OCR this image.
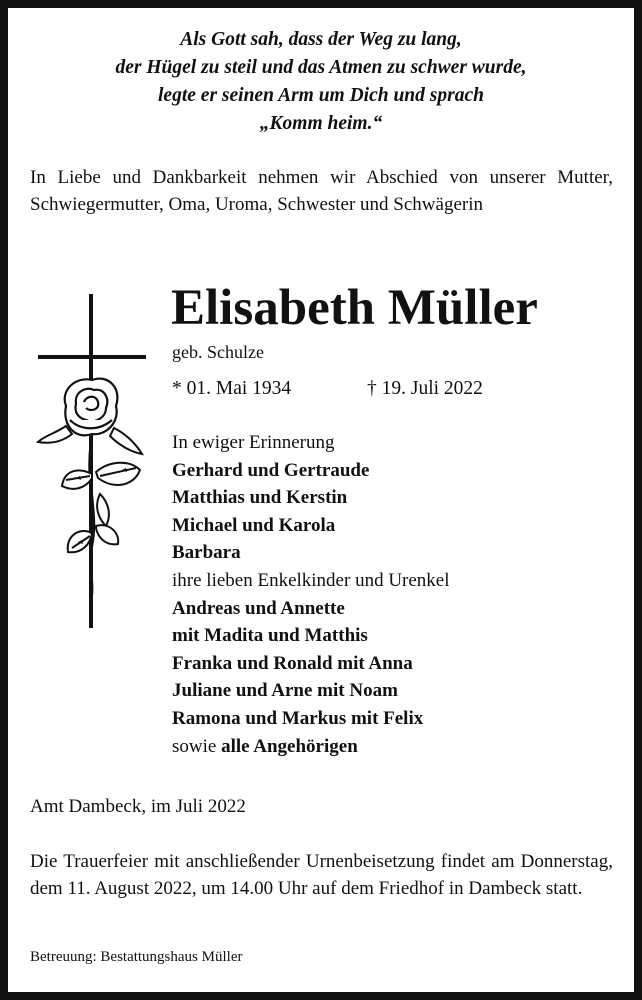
Als Gott sah, dass der Weg zu lang,
der Hügel zu steil und das Atmen zu schwer wurde,
legte er seinen Arm um Dich und sprach
„Komm heim.“
In Liebe und Dankbarkeit nehmen wir Abschied von unserer Mutter, Schwiegermutter, Oma, Uroma, Schwester und Schwägerin
Elisabeth Müller
geb. Schulze
* 01. Mai 1934	† 19. Juli 2022
In ewiger Erinnerung
Gerhard und Gertraude
Matthias und Kerstin
Michael und Karola
Barbara
ihre lieben Enkelkinder und Urenkel
Andreas und Annette
mit Madita und Matthis
Franka und Ronald mit Anna
Juliane und Arne mit Noam
Ramona und Markus mit Felix
sowie alle Angehörigen
Amt Dambeck, im Juli 2022
Die Trauerfeier mit anschließender Urnenbeisetzung findet am Donnerstag, dem 11. August 2022, um 14.00 Uhr auf dem Friedhof in Dambeck statt.
Betreuung: Bestattungshaus Müller
